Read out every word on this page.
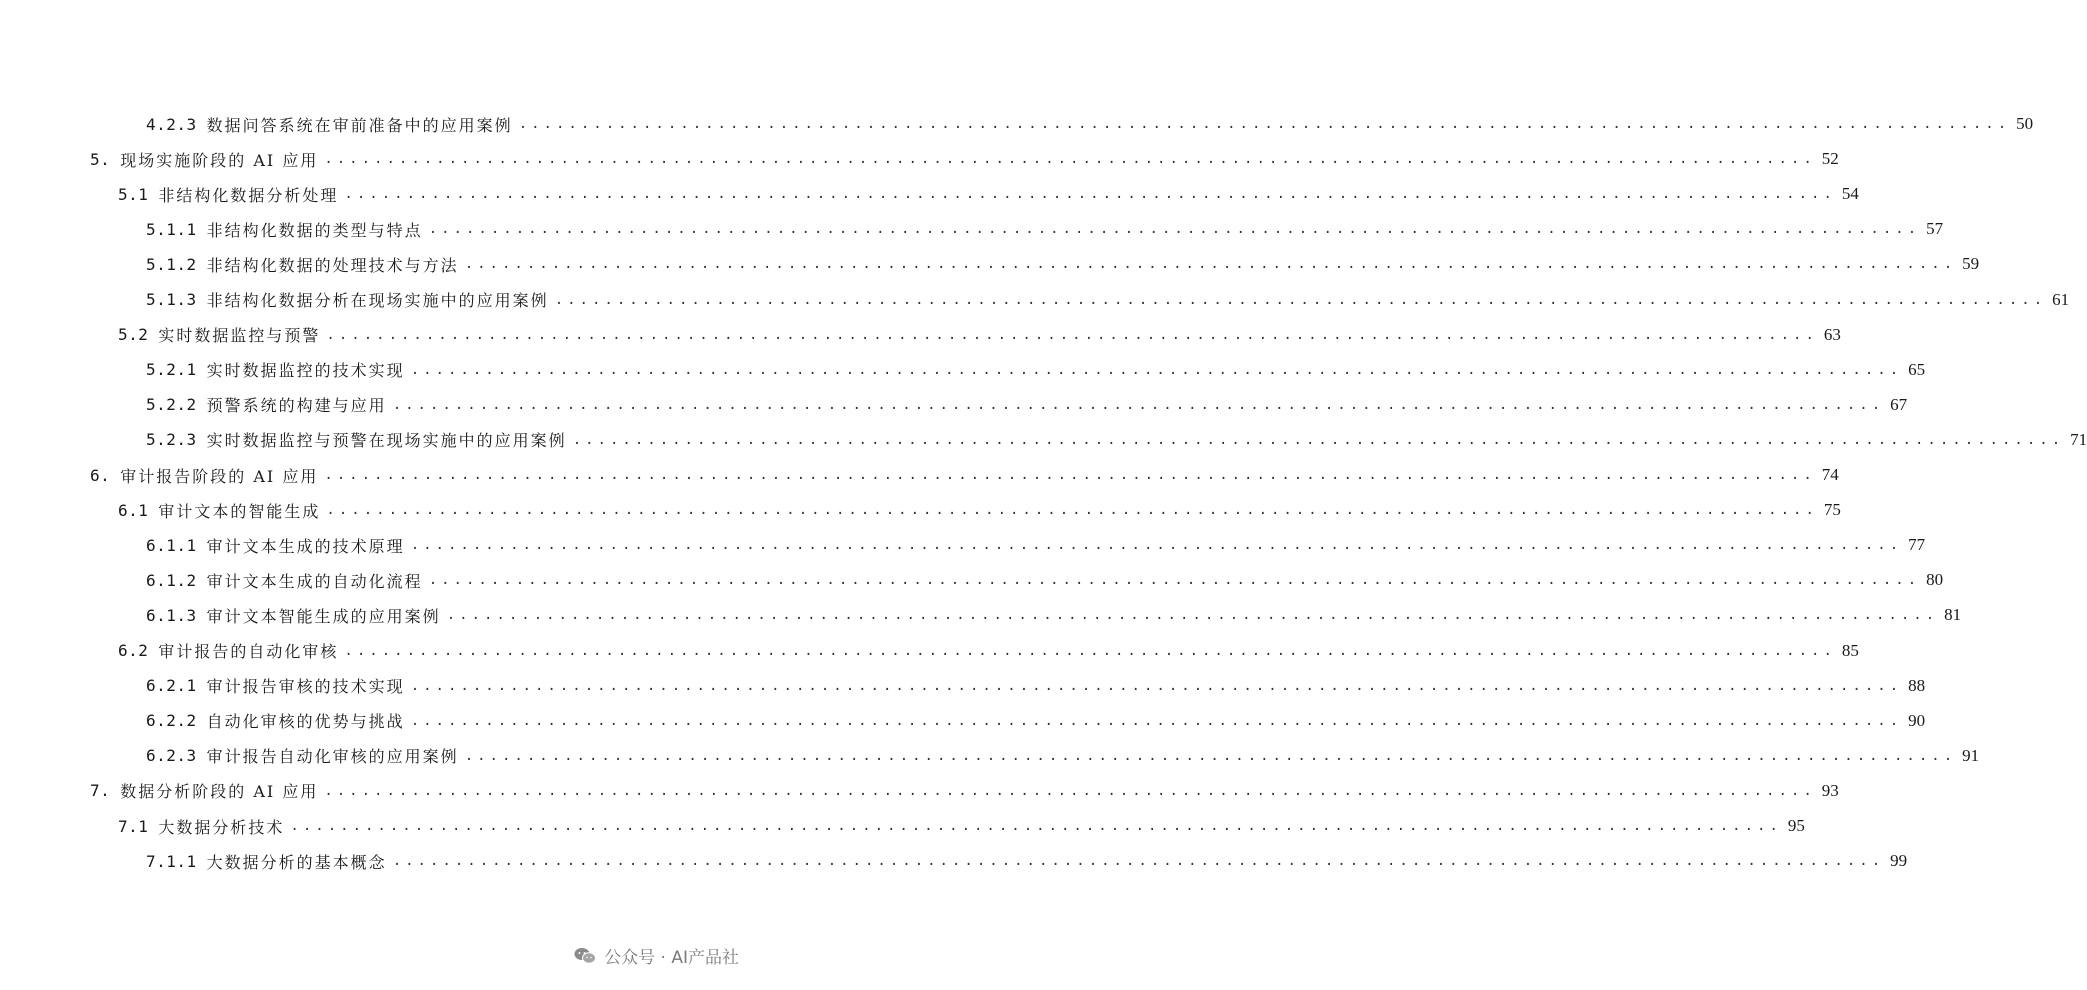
4.2.3 数据问答系统在审前准备中的应用案例 ........................................................................................................................ 50
5. 现场实施阶段的 AI 应用 ........................................................................................................................ 52
5.1 非结构化数据分析处理 ........................................................................................................................ 54
5.1.1 非结构化数据的类型与特点 ........................................................................................................................ 57
5.1.2 非结构化数据的处理技术与方法 ........................................................................................................................ 59
5.1.3 非结构化数据分析在现场实施中的应用案例 ........................................................................................................................ 61
5.2 实时数据监控与预警 ........................................................................................................................ 63
5.2.1 实时数据监控的技术实现 ........................................................................................................................ 65
5.2.2 预警系统的构建与应用 ........................................................................................................................ 67
5.2.3 实时数据监控与预警在现场实施中的应用案例 ........................................................................................................................ 71
6. 审计报告阶段的 AI 应用 ........................................................................................................................ 74
6.1 审计文本的智能生成 ........................................................................................................................ 75
6.1.1 审计文本生成的技术原理 ........................................................................................................................ 77
6.1.2 审计文本生成的自动化流程 ........................................................................................................................ 80
6.1.3 审计文本智能生成的应用案例 ........................................................................................................................ 81
6.2 审计报告的自动化审核 ........................................................................................................................ 85
6.2.1 审计报告审核的技术实现 ........................................................................................................................ 88
6.2.2 自动化审核的优势与挑战 ........................................................................................................................ 90
6.2.3 审计报告自动化审核的应用案例 ........................................................................................................................ 91
7. 数据分析阶段的 AI 应用 ........................................................................................................................ 93
7.1 大数据分析技术 ........................................................................................................................ 95
7.1.1 大数据分析的基本概念 ........................................................................................................................ 99
公众号 · AI产品社
